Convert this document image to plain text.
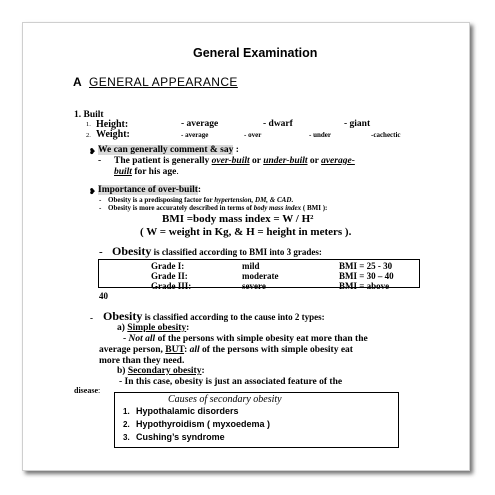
General Examination
A GENERAL APPEARANCE
1. Built
1. Height:	- average	- dwarf	- giant
2. Weight:	- average	- over	- under	-cachectic
❥ We can generally comment & say :
- The patient is generally over-built or under-built or average-
built for his age.
❥ Importance of over-built:
- Obesity is a predisposing factor for hypertension, DM, & CAD.
- Obesity is more accurately described in terms of body mass index ( BMI ):
BMI =body mass index = W / H²
( W = weight in Kg, & H = height in meters ).
- Obesity is classified according to BMI into 3 grades:
Grade I:	mild	BMI = 25 - 30
Grade II:	moderate	BMI = 30 – 40
Grade III:	severe	BMI = above
40
- Obesity is classified according to the cause into 2 types:
a) Simple obesity:
- Not all of the persons with simple obesity eat more than the
average person, BUT: all of the persons with simple obesity eat
more than they need.
b) Secondary obesity:
- In this case, obesity is just an associated feature of the
disease:
Causes of secondary obesity
1. Hypothalamic disorders
2. Hypothyroidism ( myxoedema )
3. Cushing’s syndrome
